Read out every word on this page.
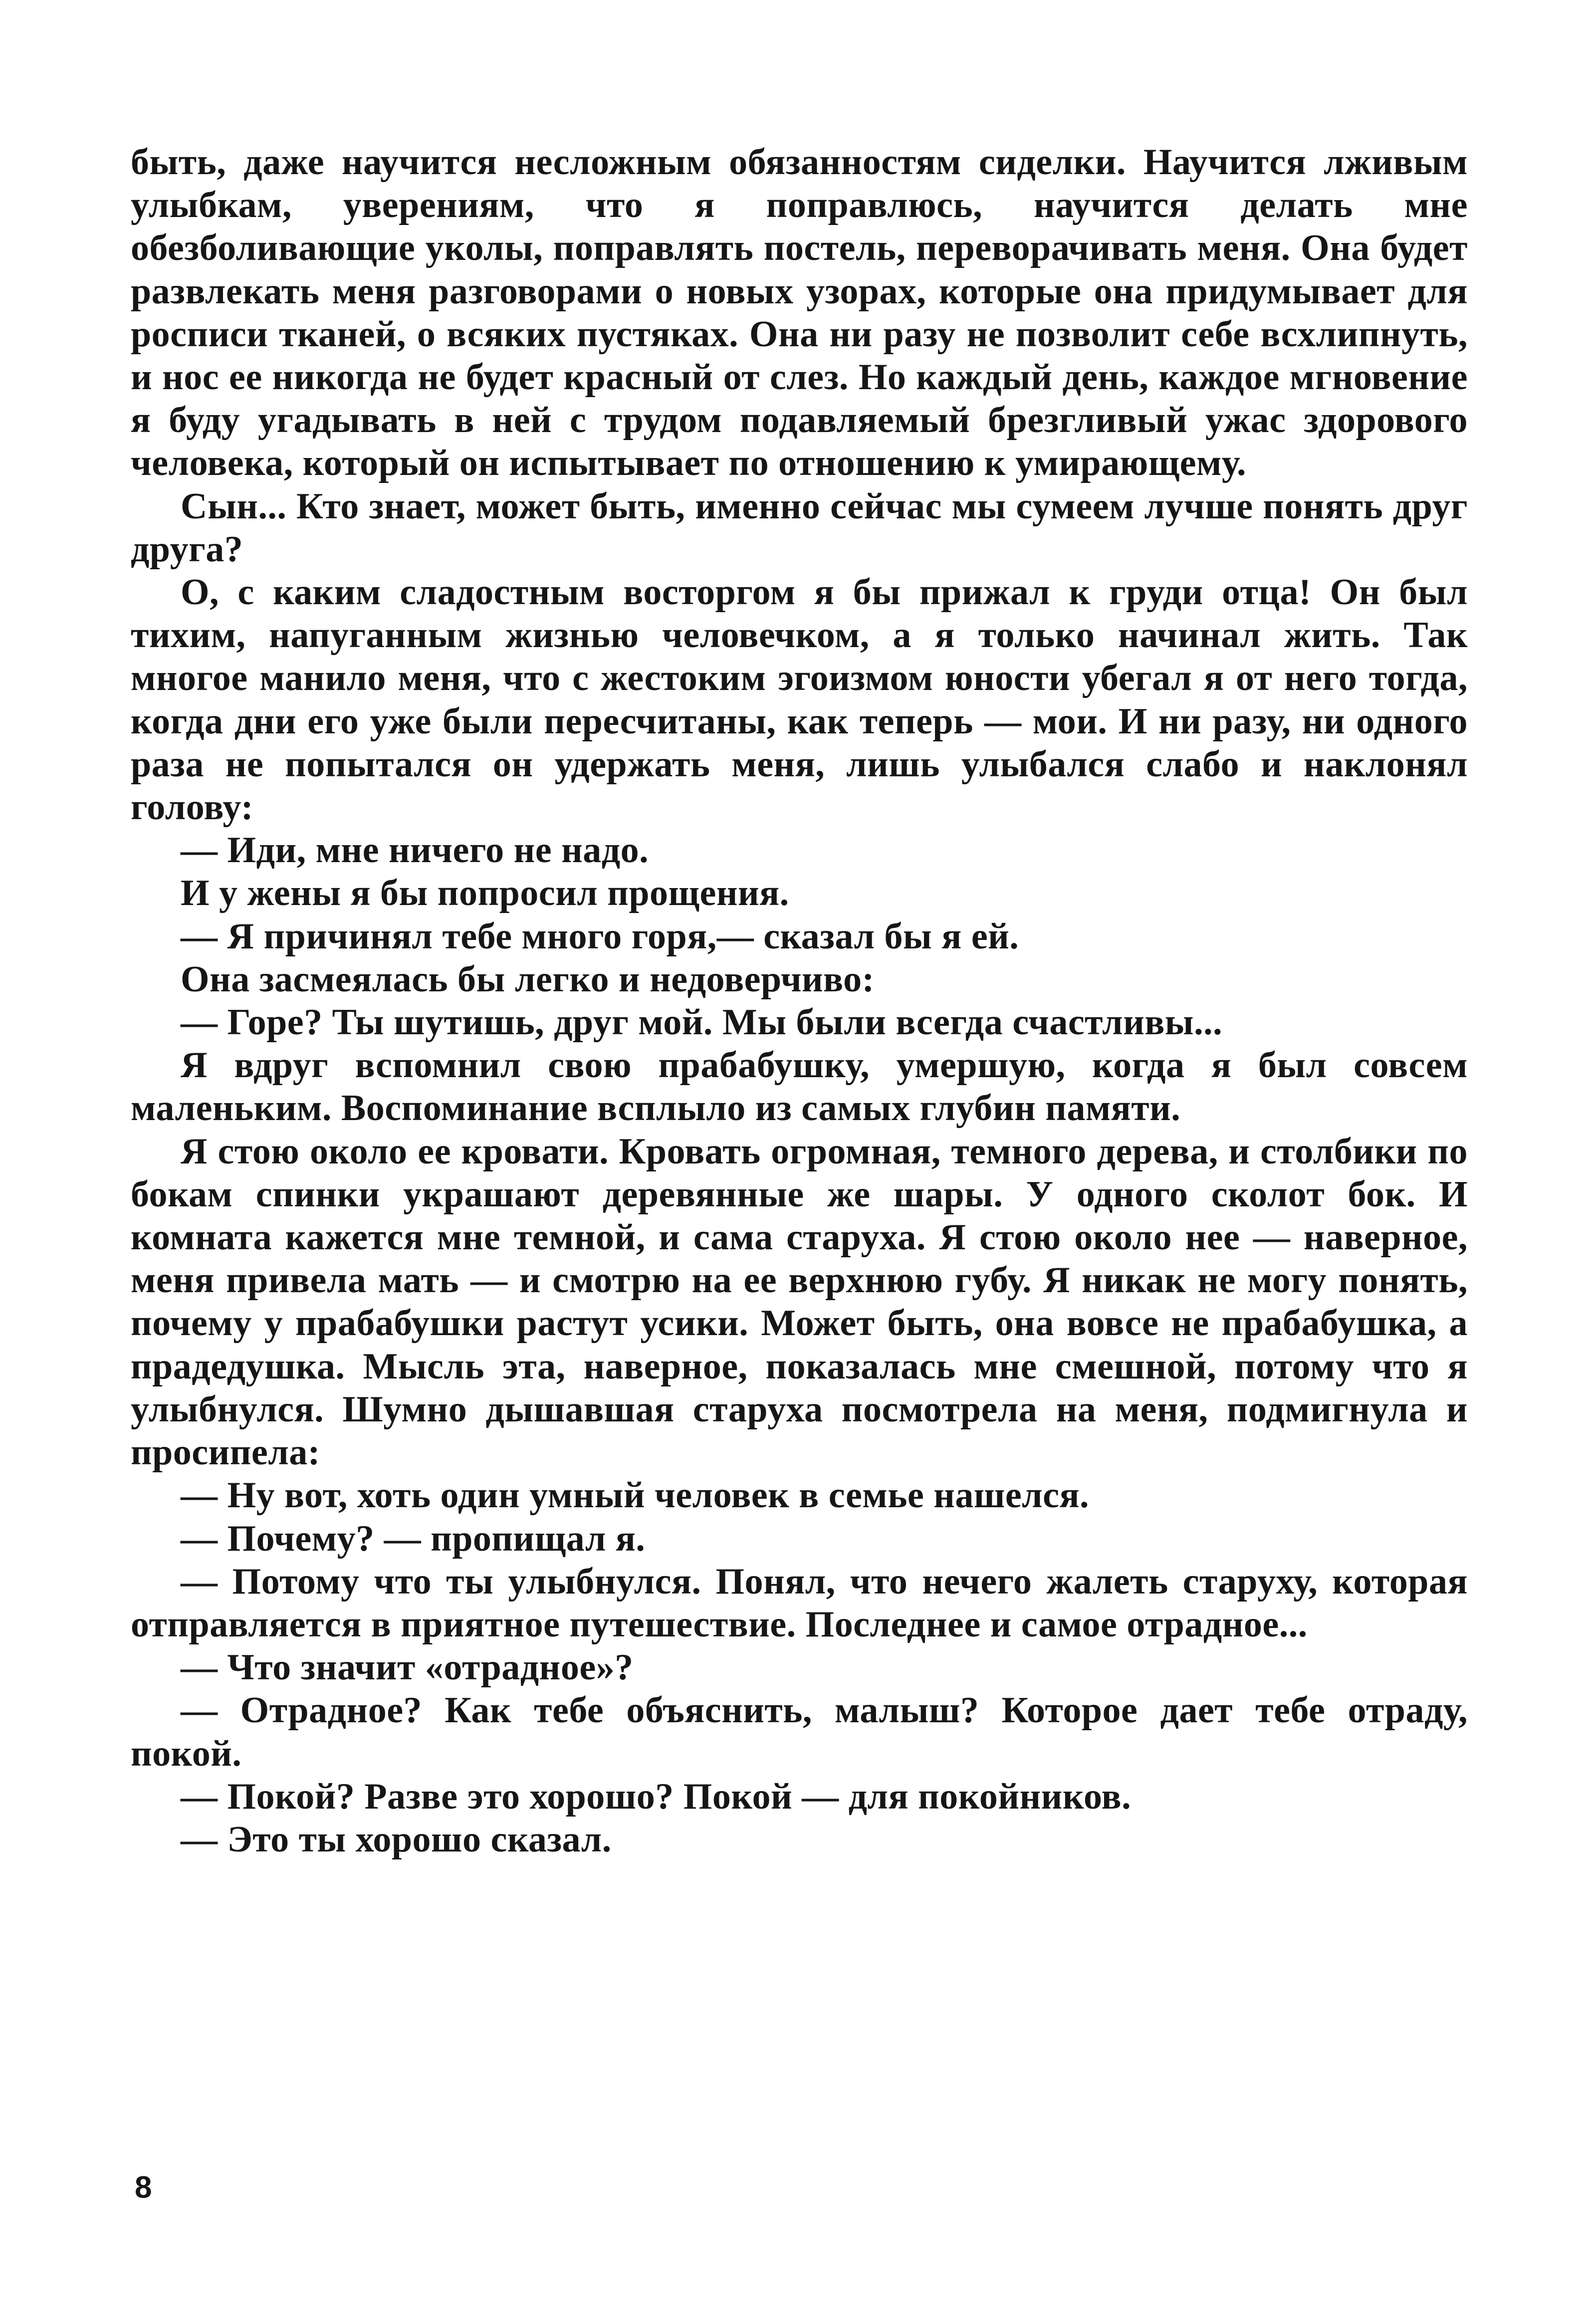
быть, даже научится несложным обязанностям сиделки. Научится лживым улыбкам, уверениям, что я поправлюсь, научится делать мне обезболивающие уколы, поправлять постель, переворачивать меня. Она будет развлекать меня разговорами о новых узорах, которые она придумывает для росписи тканей, о всяких пустяках. Она ни разу не позволит себе всхлипнуть, и нос ее никогда не будет красный от слез. Но каждый день, каждое мгновение я буду угадывать в ней с трудом подавляемый брезгливый ужас здорового человека, который он испытывает по отношению к умирающему.

Сын... Кто знает, может быть, именно сейчас мы сумеем лучше понять друг друга?

О, с каким сладостным восторгом я бы прижал к груди отца! Он был тихим, напуганным жизнью человечком, а я только начинал жить. Так многое манило меня, что с жестоким эгоизмом юности убегал я от него тогда, когда дни его уже были пересчитаны, как теперь — мои. И ни разу, ни одного раза не попытался он удержать меня, лишь улыбался слабо и наклонял голову:

— Иди, мне ничего не надо.

И у жены я бы попросил прощения.

— Я причинял тебе много горя,— сказал бы я ей.

Она засмеялась бы легко и недоверчиво:

— Горе? Ты шутишь, друг мой. Мы были всегда счастливы...

Я вдруг вспомнил свою прабабушку, умершую, когда я был совсем маленьким. Воспоминание всплыло из самых глубин памяти.

Я стою около ее кровати. Кровать огромная, темного дерева, и столбики по бокам спинки украшают деревянные же шары. У одного сколот бок. И комната кажется мне темной, и сама старуха. Я стою около нее — наверное, меня привела мать — и смотрю на ее верхнюю губу. Я никак не могу понять, почему у прабабушки растут усики. Может быть, она вовсе не прабабушка, а прадедушка. Мысль эта, наверное, показалась мне смешной, потому что я улыбнулся. Шумно дышавшая старуха посмотрела на меня, подмигнула и просипела:

— Ну вот, хоть один умный человек в семье нашелся.

— Почему? — пропищал я.

— Потому что ты улыбнулся. Понял, что нечего жалеть старуху, которая отправляется в приятное путешествие. Последнее и самое отрадное...

— Что значит «отрадное»?

— Отрадное? Как тебе объяснить, малыш? Которое дает тебе отраду, покой.

— Покой? Разве это хорошо? Покой — для покойников.

— Это ты хорошо сказал.

8
